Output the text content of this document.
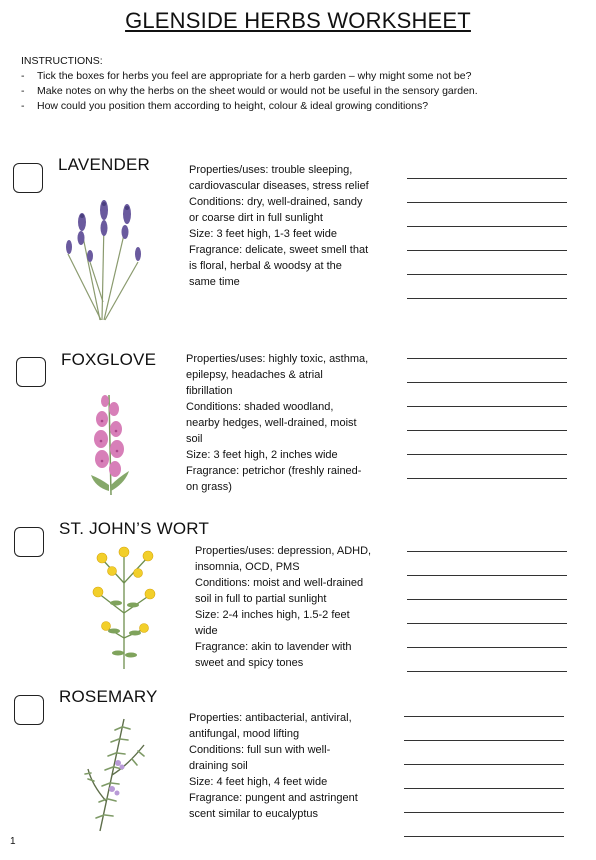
GLENSIDE HERBS WORKSHEET
INSTRUCTIONS:
- Tick the boxes for herbs you feel are appropriate for a herb garden – why might some not be?
- Make notes on why the herbs on the sheet would or would not be useful in the sensory garden.
- How could you position them according to height, colour & ideal growing conditions?
LAVENDER	Properties/uses: trouble sleeping,
cardiovascular diseases, stress relief
Conditions: dry, well-drained, sandy
or coarse dirt in full sunlight
Size: 3 feet high, 1-3 feet wide
Fragrance: delicate, sweet smell that
is floral, herbal & woodsy at the
same time
FOXGLOVE	Properties/uses: highly toxic, asthma,
epilepsy, headaches & atrial
fibrillation
Conditions: shaded woodland,
nearby hedges, well-drained, moist
soil
Size: 3 feet high, 2 inches wide
Fragrance: petrichor (freshly rained-
on grass)
ST. JOHN’S WORT
Properties/uses: depression, ADHD,
insomnia, OCD, PMS
Conditions: moist and well-drained
soil in full to partial sunlight
Size: 2-4 inches high, 1.5-2 feet
wide
Fragrance: akin to lavender with
sweet and spicy tones
ROSEMARY
Properties: antibacterial, antiviral,
antifungal, mood lifting
Conditions: full sun with well-
draining soil
Size: 4 feet high, 4 feet wide
Fragrance: pungent and astringent
scent similar to eucalyptus
1
